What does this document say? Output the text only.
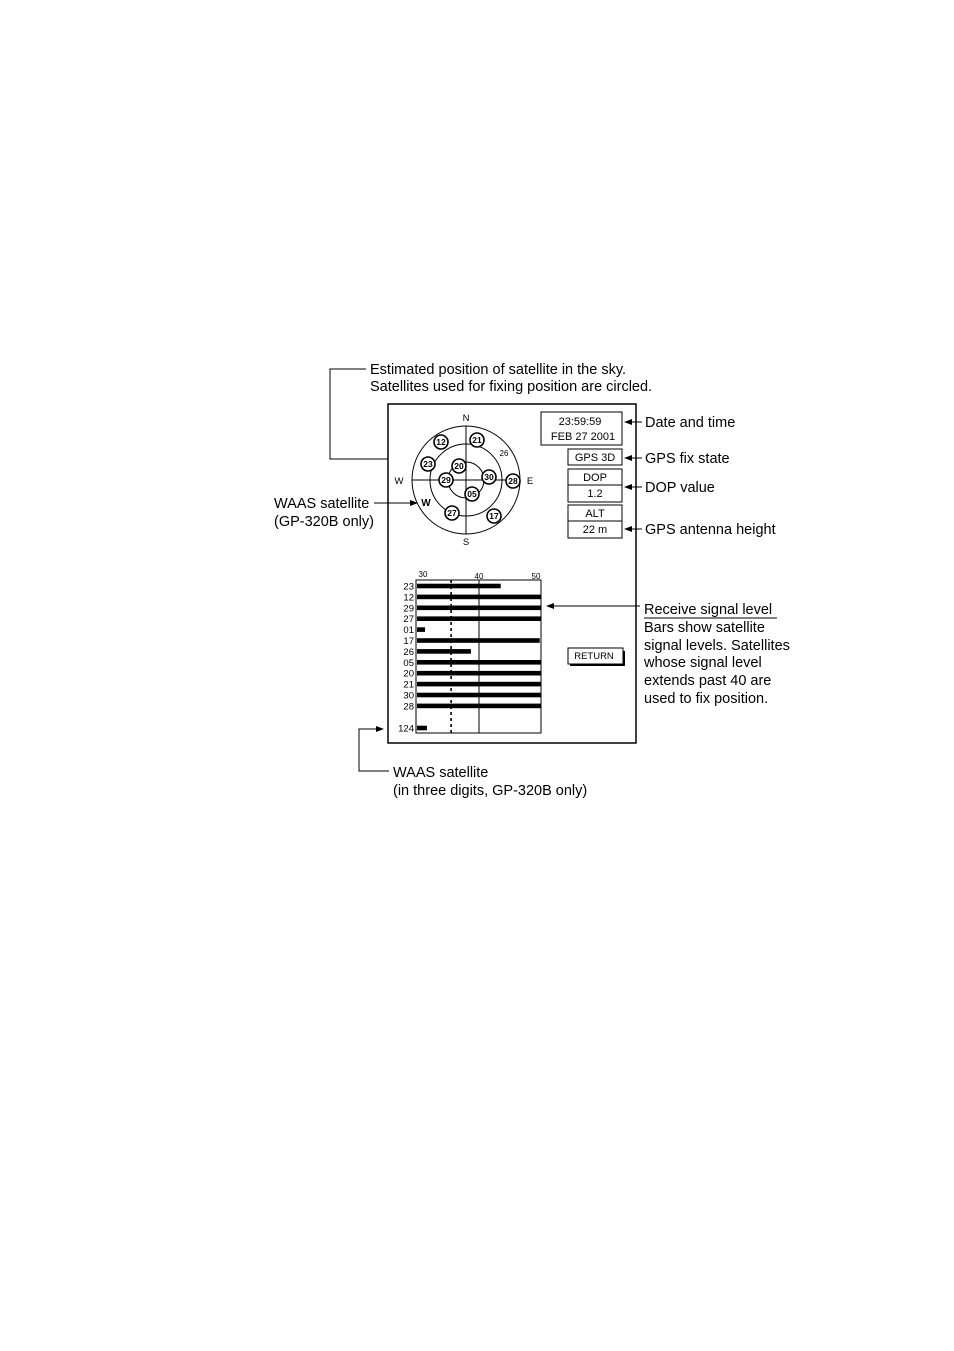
Estimated position of satellite in the sky.
Satellites used for fixing position are circled.
N
S
E
W
W
12	21
26
23	20
30
29	28
05
27	17
WAAS satellite
(GP-320B only)
23:59:59
FEB 27 2001
GPS 3D
DOP
1.2
ALT
22 m
Date and time
GPS fix state
DOP value
GPS antenna height
30	40	50
23
12
29
27
01
17
26
05
20
21
30
28
124
RETURN
Receive signal level
Bars show satellite
signal levels. Satellites
whose signal level
extends past 40 are
used to fix position.
WAAS satellite
(in three digits, GP-320B only)
